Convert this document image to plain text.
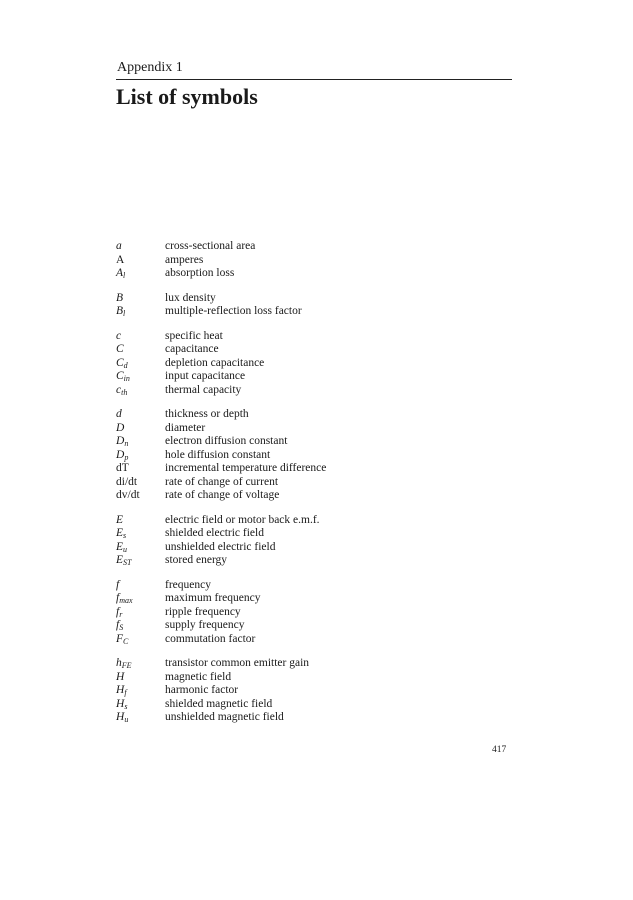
Appendix 1
List of symbols
a	cross-sectional area
A	amperes
$A_l$	absorption loss
B	lux density
$B_l$	multiple-reflection loss factor
c	specific heat
C	capacitance
$C_d$	depletion capacitance
$C_{in}$	input capacitance
$c_{th}$	thermal capacity
d	thickness or depth
D	diameter
$D_n$	electron diffusion constant
$D_p$	hole diffusion constant
dT	incremental temperature difference
di/dt	rate of change of current
dv/dt	rate of change of voltage
E	electric field or motor back e.m.f.
$E_s$	shielded electric field
$E_u$	unshielded electric field
$E_{ST}$	stored energy
f	frequency
$f_{max}$	maximum frequency
$f_r$	ripple frequency
$f_S$	supply frequency
$F_C$	commutation factor
$h_{FE}$	transistor common emitter gain
H	magnetic field
$H_f$	harmonic factor
$H_s$	shielded magnetic field
$H_u$	unshielded magnetic field
417
